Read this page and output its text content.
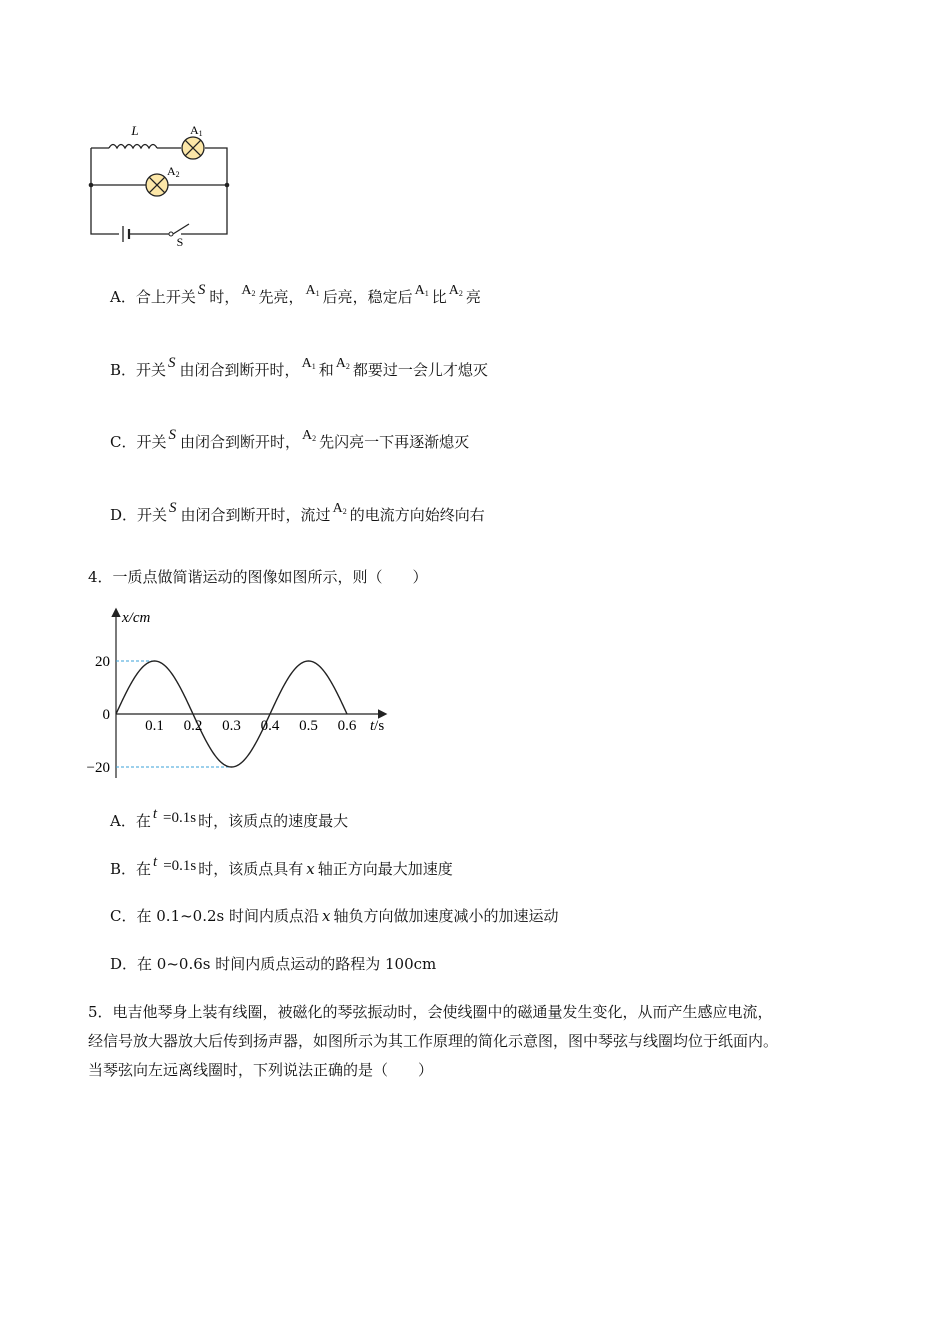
L	A1
A2
S
A．合上开关 S 时， $A_2$ 先亮， $A_1$ 后亮，稳定后 $A_1$ 比 $A_2$ 亮
B．开关 S 由闭合到断开时， $A_1$ 和 $A_2$ 都要过一会儿才熄灭
C．开关 S 由闭合到断开时， $A_2$ 先闪亮一下再逐渐熄灭
D．开关 S 由闭合到断开时，流过 $A_2$ 的电流方向始终向右
4．一质点做简谐运动的图像如图所示，则（　　）
20
0
−20
0.1 0.2 0.3 0.4 0.5 0.6
x/cm
t/s
A．在 t =0.1s 时，该质点的速度最大
B．在 t =0.1s 时，该质点具有 x 轴正方向最大加速度
C．在 0.1~0.2s 时间内质点沿 x 轴负方向做加速度减小的加速运动
D．在 0~0.6s 时间内质点运动的路程为 100cm
5．电吉他琴身上装有线圈，被磁化的琴弦振动时，会使线圈中的磁通量发生变化，从而产生感应电流，
经信号放大器放大后传到扬声器，如图所示为其工作原理的简化示意图，图中琴弦与线圈均位于纸面内。
当琴弦向左远离线圈时，下列说法正确的是（　　）
